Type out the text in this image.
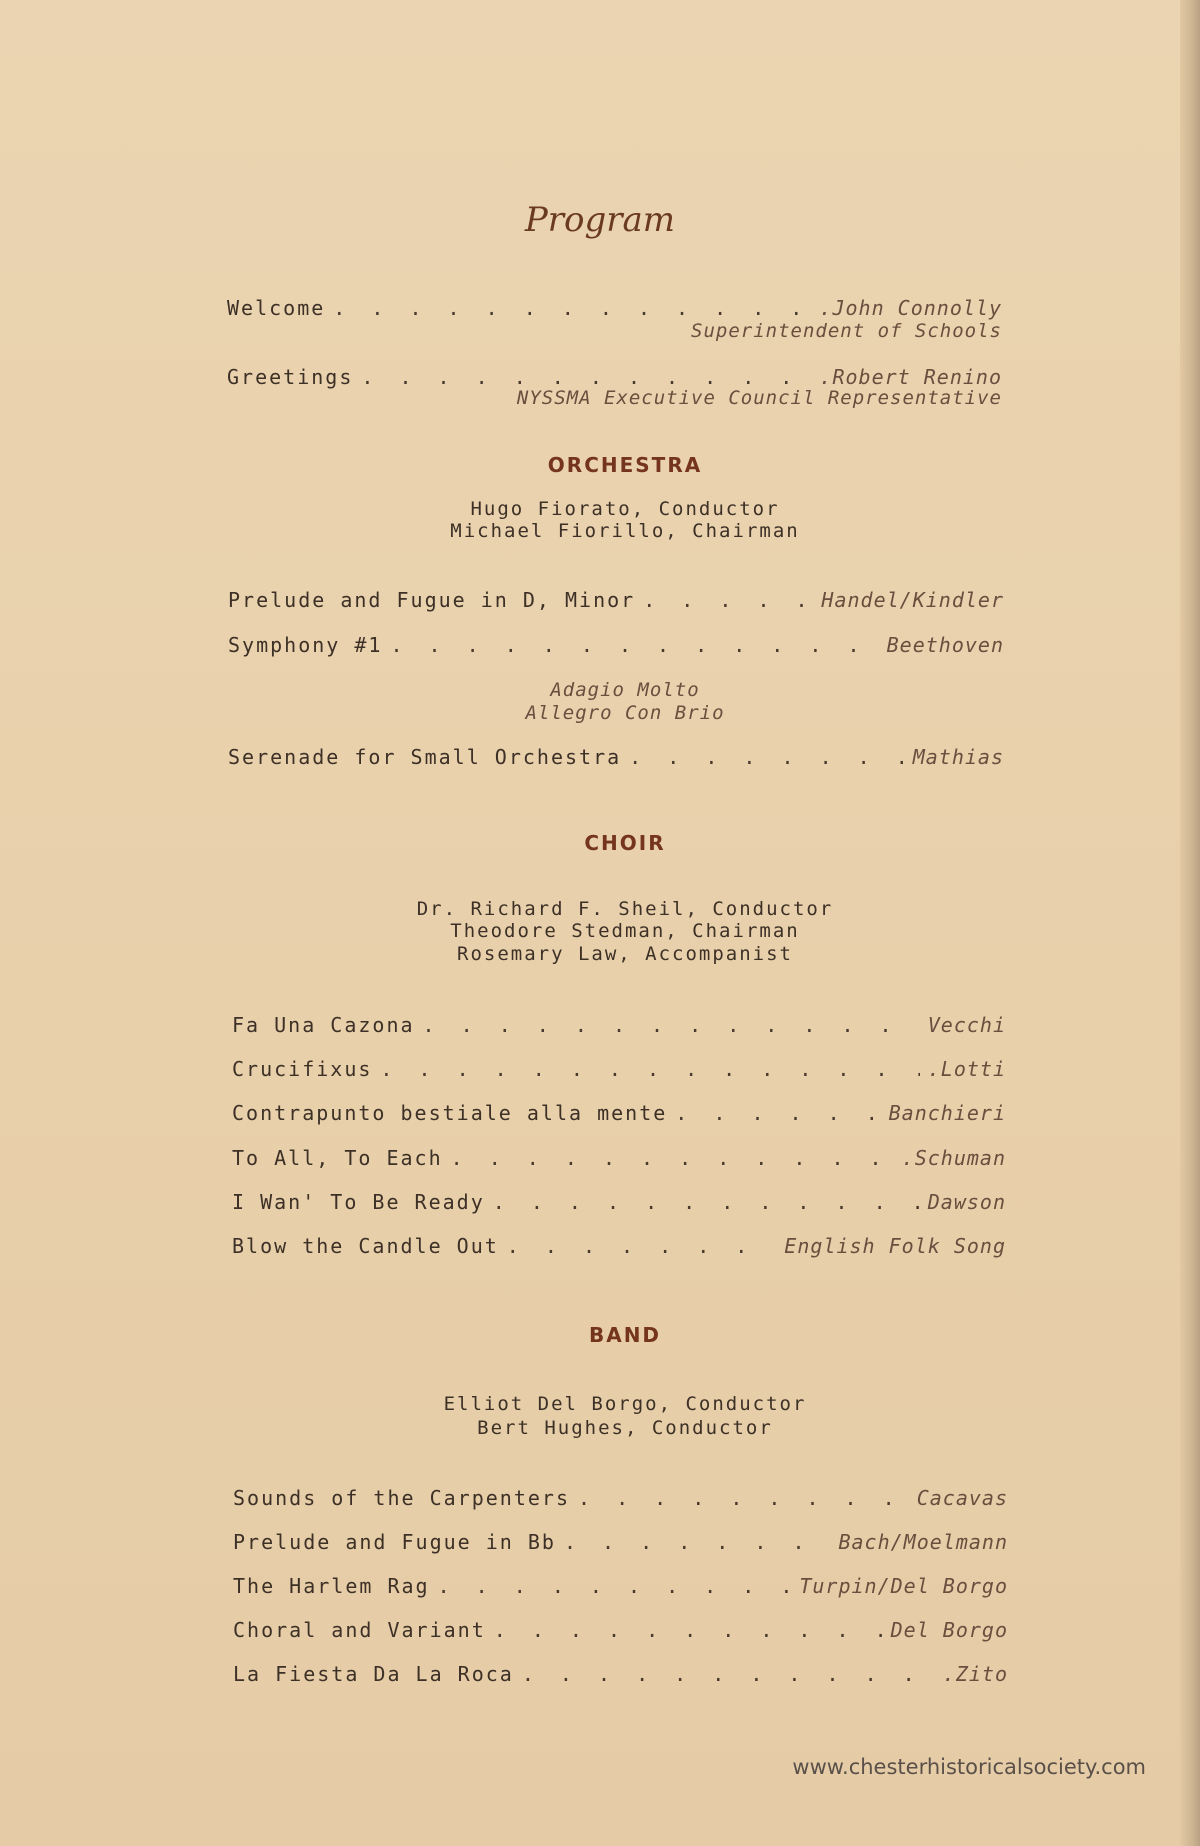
Program
Welcome . . .	.John Connolly
Superintendent of Schools
Greetings . . .	.Robert Renino
NYSSMA Executive Council Representative
ORCHESTRA
Hugo Fiorato, Conductor
Michael Fiorillo, Chairman
Prelude and Fugue in D, Minor . . .	Handel/Kindler
Symphony #1 . . .	Beethoven
Adagio Molto
Allegro Con Brio
Serenade for Small Orchestra . . .	Mathias
CHOIR
Dr. Richard F. Sheil, Conductor
Theodore Stedman, Chairman
Rosemary Law, Accompanist
Fa Una Cazona . . .	Vecchi
Crucifixus . . .	.Lotti
Contrapunto bestiale alla mente . . .	Banchieri
To All, To Each . . .	.Schuman
I Wan' To Be Ready . . .	Dawson
Blow the Candle Out . . .	English Folk Song
BAND
Elliot Del Borgo, Conductor
Bert Hughes, Conductor
Sounds of the Carpenters . . .	Cacavas
Prelude and Fugue in Bb . . .	Bach/Moelmann
The Harlem Rag . . .	Turpin/Del Borgo
Choral and Variant . . .	Del Borgo
La Fiesta Da La Roca . . .	.Zito
www.chesterhistoricalsociety.com
